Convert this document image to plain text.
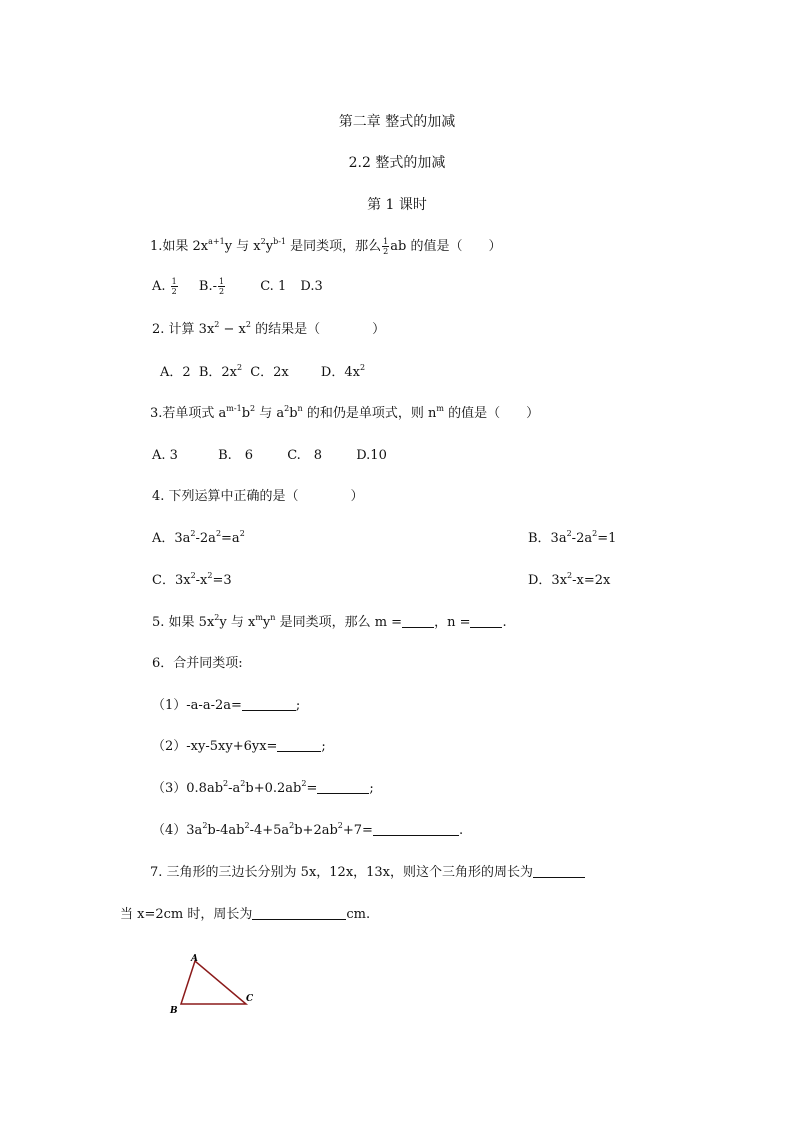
第二章 整式的加减
2.2 整式的加减
第 1 课时
1.如果 $2x^{a+1}y$ 与 $x^2y^{b-1}$ 是同类项，那么 $\frac{1}{2}$ ab 的值是（　　）
A. $\frac{1}{2} B.- \frac{1}{2}$	C. 1 D.3
2. 计算 $3x^2 - x^2$ 的结果是（　　　　）
A．2 B．$2x^2$ C．2x D．$4x^2$
3.若单项式 $a^{m-1}b^2$ 与 $a^2b^n$ 的和仍是单项式，则 $n^m$ 的值是（　　）
A. 3	B.　6	C.　8	D.10
4. 下列运算中正确的是（　　　　）
A．$3a^2-2a^2=a^2$	B．$3a^2-2a^2=1$
C．$3x^2-x^2=3$	D．$3x^2-x=2x$
5. 如果 $5x^2y$ 与 $x^my^n$ 是同类项，那么 m = ，n = .
6．合并同类项:
（1）-a-a-2a=	;
（2）-xy-5xy+6yx=	;
$(3)0.8ab^2-a^2b+0.2ab^2=$	;
$(4)3a^2b-4ab^2-4+5a^2b+2ab^2+7=$	.
7. 三角形的三边长分别为 5x，12x，13x，则这个三角形的周长为
当 x=2cm 时，周长为	cm.
A
B
C
